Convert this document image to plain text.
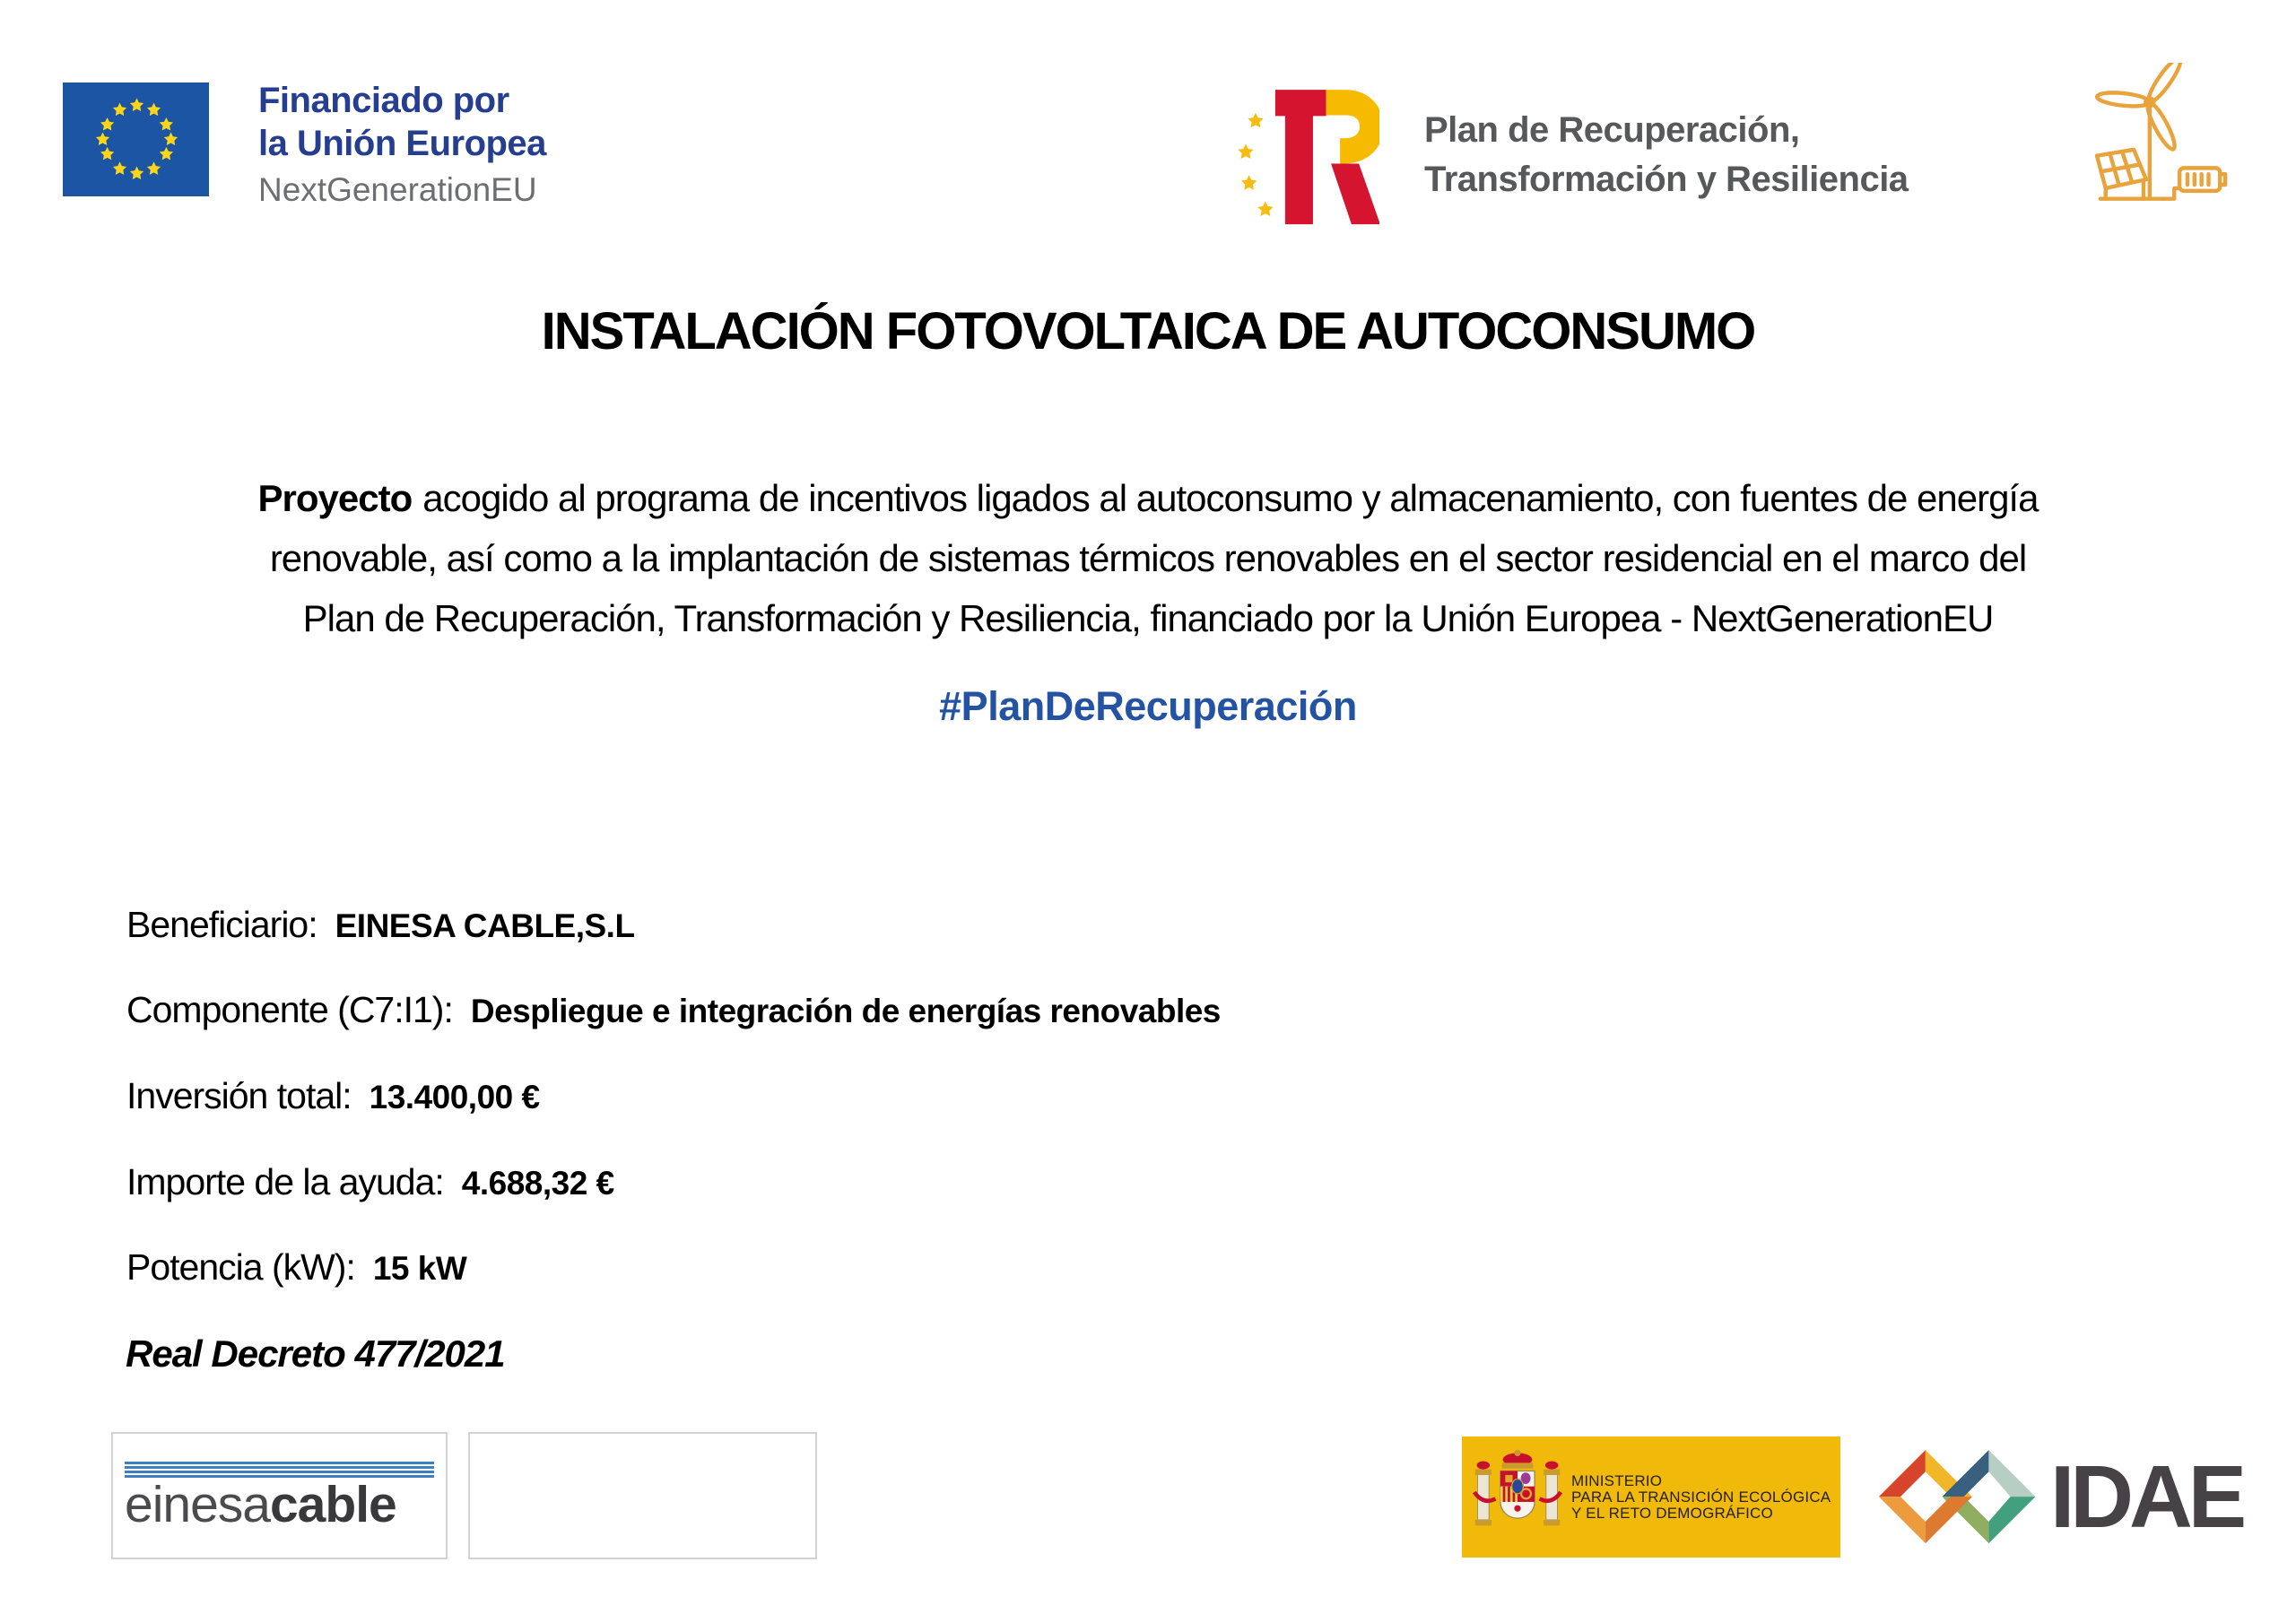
Financiado por
la Unión Europea
NextGenerationEU
Plan de Recuperación,
Transformación y Resiliencia
INSTALACIÓN FOTOVOLTAICA DE AUTOCONSUMO
Proyecto acogido al programa de incentivos ligados al autoconsumo y almacenamiento, con fuentes de energía
renovable, así como a la implantación de sistemas térmicos renovables en el sector residencial en el marco del
Plan de Recuperación, Transformación y Resiliencia, financiado por la Unión Europea - NextGenerationEU
#PlanDeRecuperación
Beneficiario: EINESA CABLE,S.L
Componente (C7:I1): Despliegue e integración de energías renovables
Inversión total: 13.400,00 €
Importe de la ayuda: 4.688,32 €
Potencia (kW): 15 kW
Real Decreto 477/2021
einesacable	MINISTERIO
PARA LA TRANSICIÓN ECOLÓGICA
Y EL RETO DEMOGRÁFICO	IDAE
